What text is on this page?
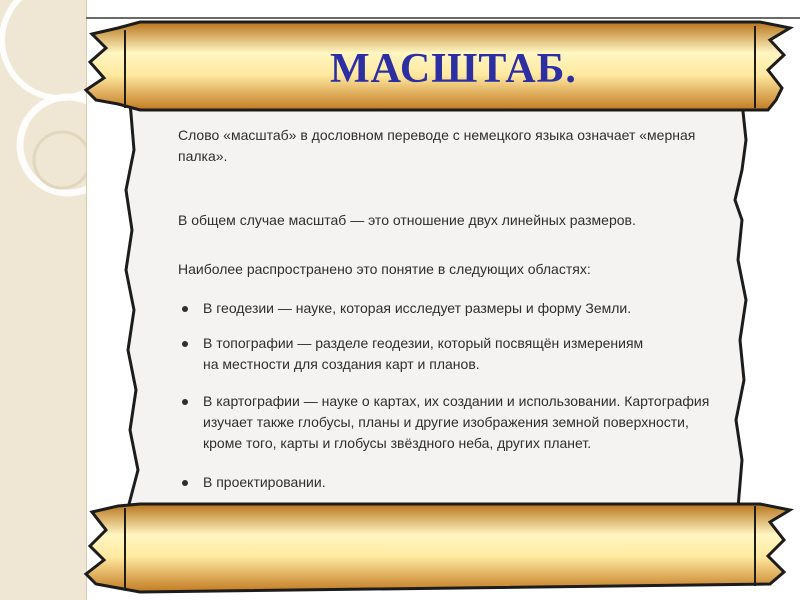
МАСШТАБ.

Слово «масштаб» в дословном переводе с немецкого языка означает «мерная палка».

В общем случае масштаб — это отношение двух линейных размеров.

Наиболее распространено это понятие в следующих областях:

В геодезии — науке, которая исследует размеры и форму Земли.
В топографии — разделе геодезии, который посвящён измерениям
на местности для создания карт и планов.
В картографии — науке о картах, их создании и использовании. Картография
изучает также глобусы, планы и другие изображения земной поверхности,
кроме того, карты и глобусы звёздного неба, других планет.
В проектировании.
